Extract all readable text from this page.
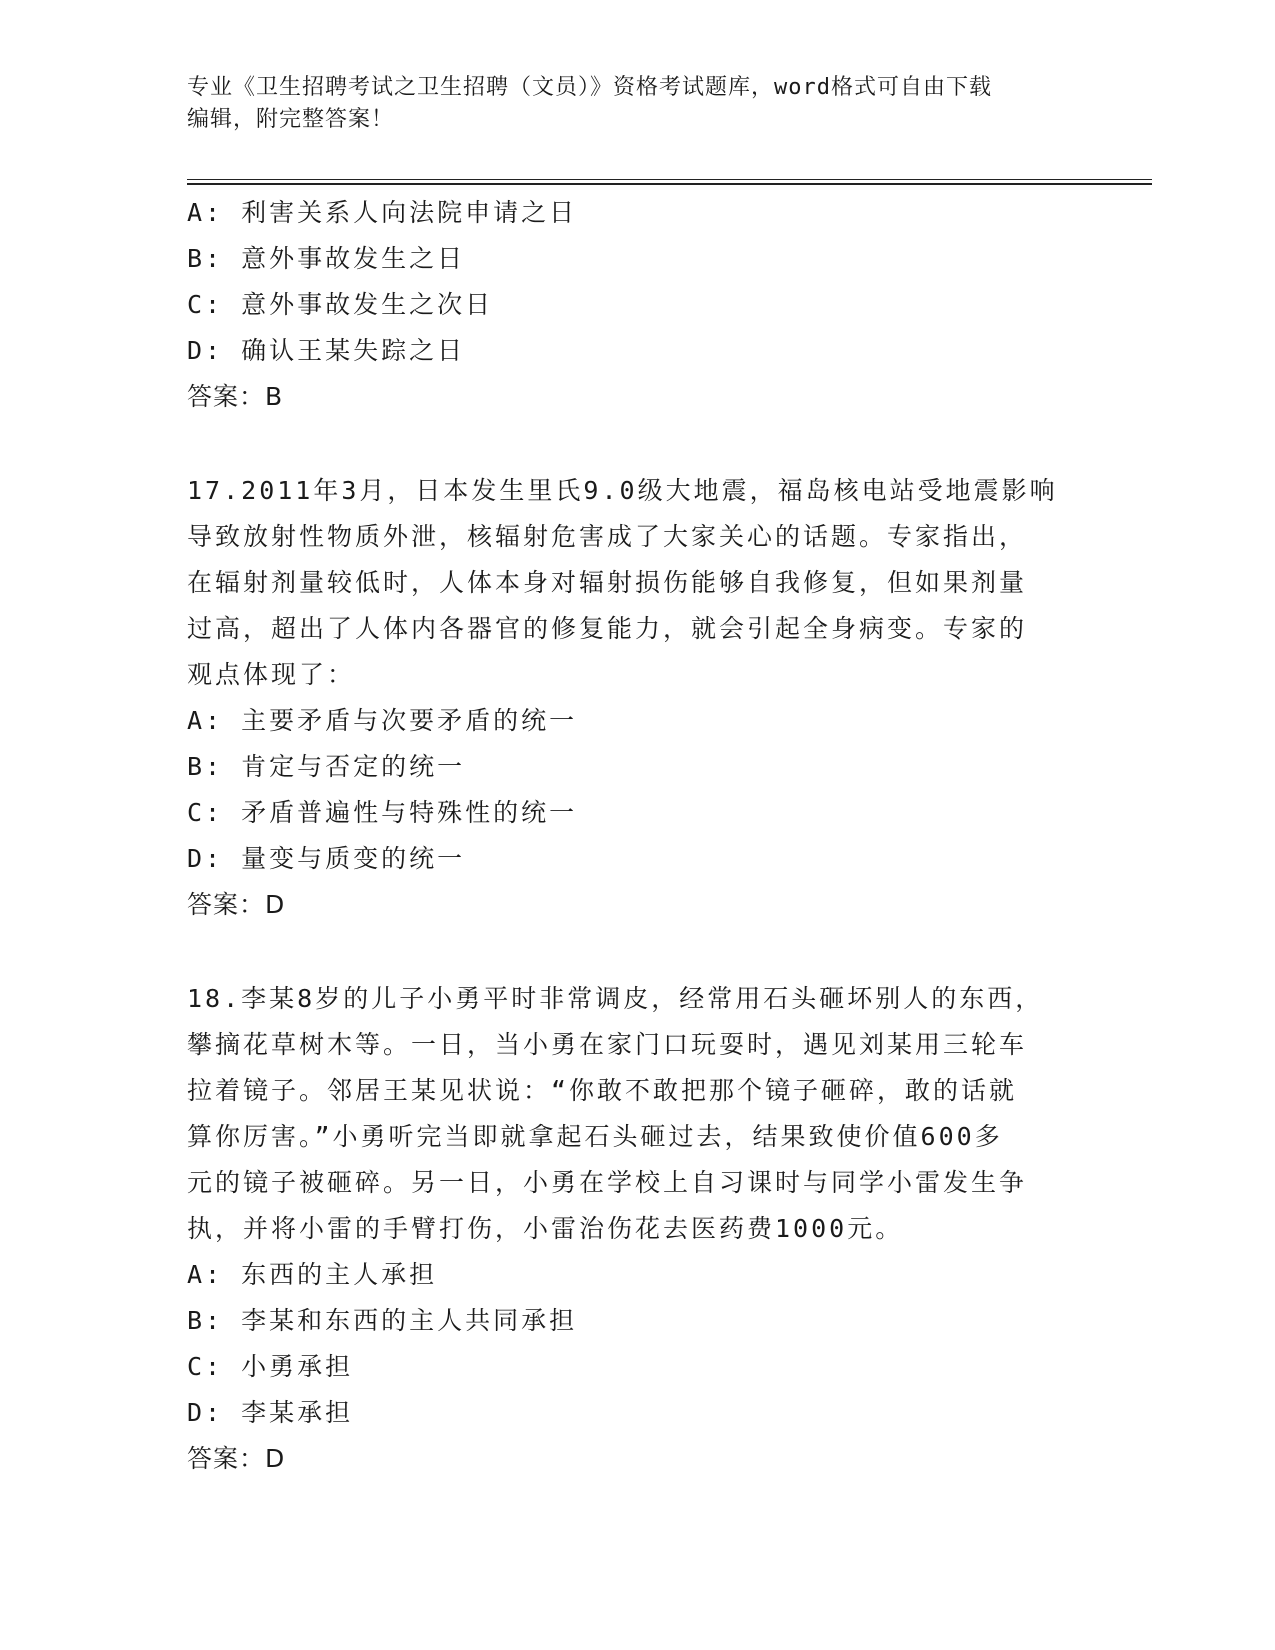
专业《卫生招聘考试之卫生招聘（文员）》资格考试题库，word格式可自由下载
编辑，附完整答案！
A: 利害关系人向法院申请之日
B: 意外事故发生之日
C: 意外事故发生之次日
D: 确认王某失踪之日
答案：B
17.2011年3月，日本发生里氏9.0级大地震，福岛核电站受地震影响
导致放射性物质外泄，核辐射危害成了大家关心的话题。专家指出，
在辐射剂量较低时，人体本身对辐射损伤能够自我修复，但如果剂量
过高，超出了人体内各器官的修复能力，就会引起全身病变。专家的
观点体现了：
A: 主要矛盾与次要矛盾的统一
B: 肯定与否定的统一
C: 矛盾普遍性与特殊性的统一
D: 量变与质变的统一
答案：D
18.李某8岁的儿子小勇平时非常调皮，经常用石头砸坏别人的东西，
攀摘花草树木等。一日，当小勇在家门口玩耍时，遇见刘某用三轮车
拉着镜子。邻居王某见状说：“你敢不敢把那个镜子砸碎，敢的话就
算你厉害。”小勇听完当即就拿起石头砸过去，结果致使价值600多
元的镜子被砸碎。另一日，小勇在学校上自习课时与同学小雷发生争
执，并将小雷的手臂打伤，小雷治伤花去医药费1000元。
A: 东西的主人承担
B: 李某和东西的主人共同承担
C: 小勇承担
D: 李某承担
答案：D
